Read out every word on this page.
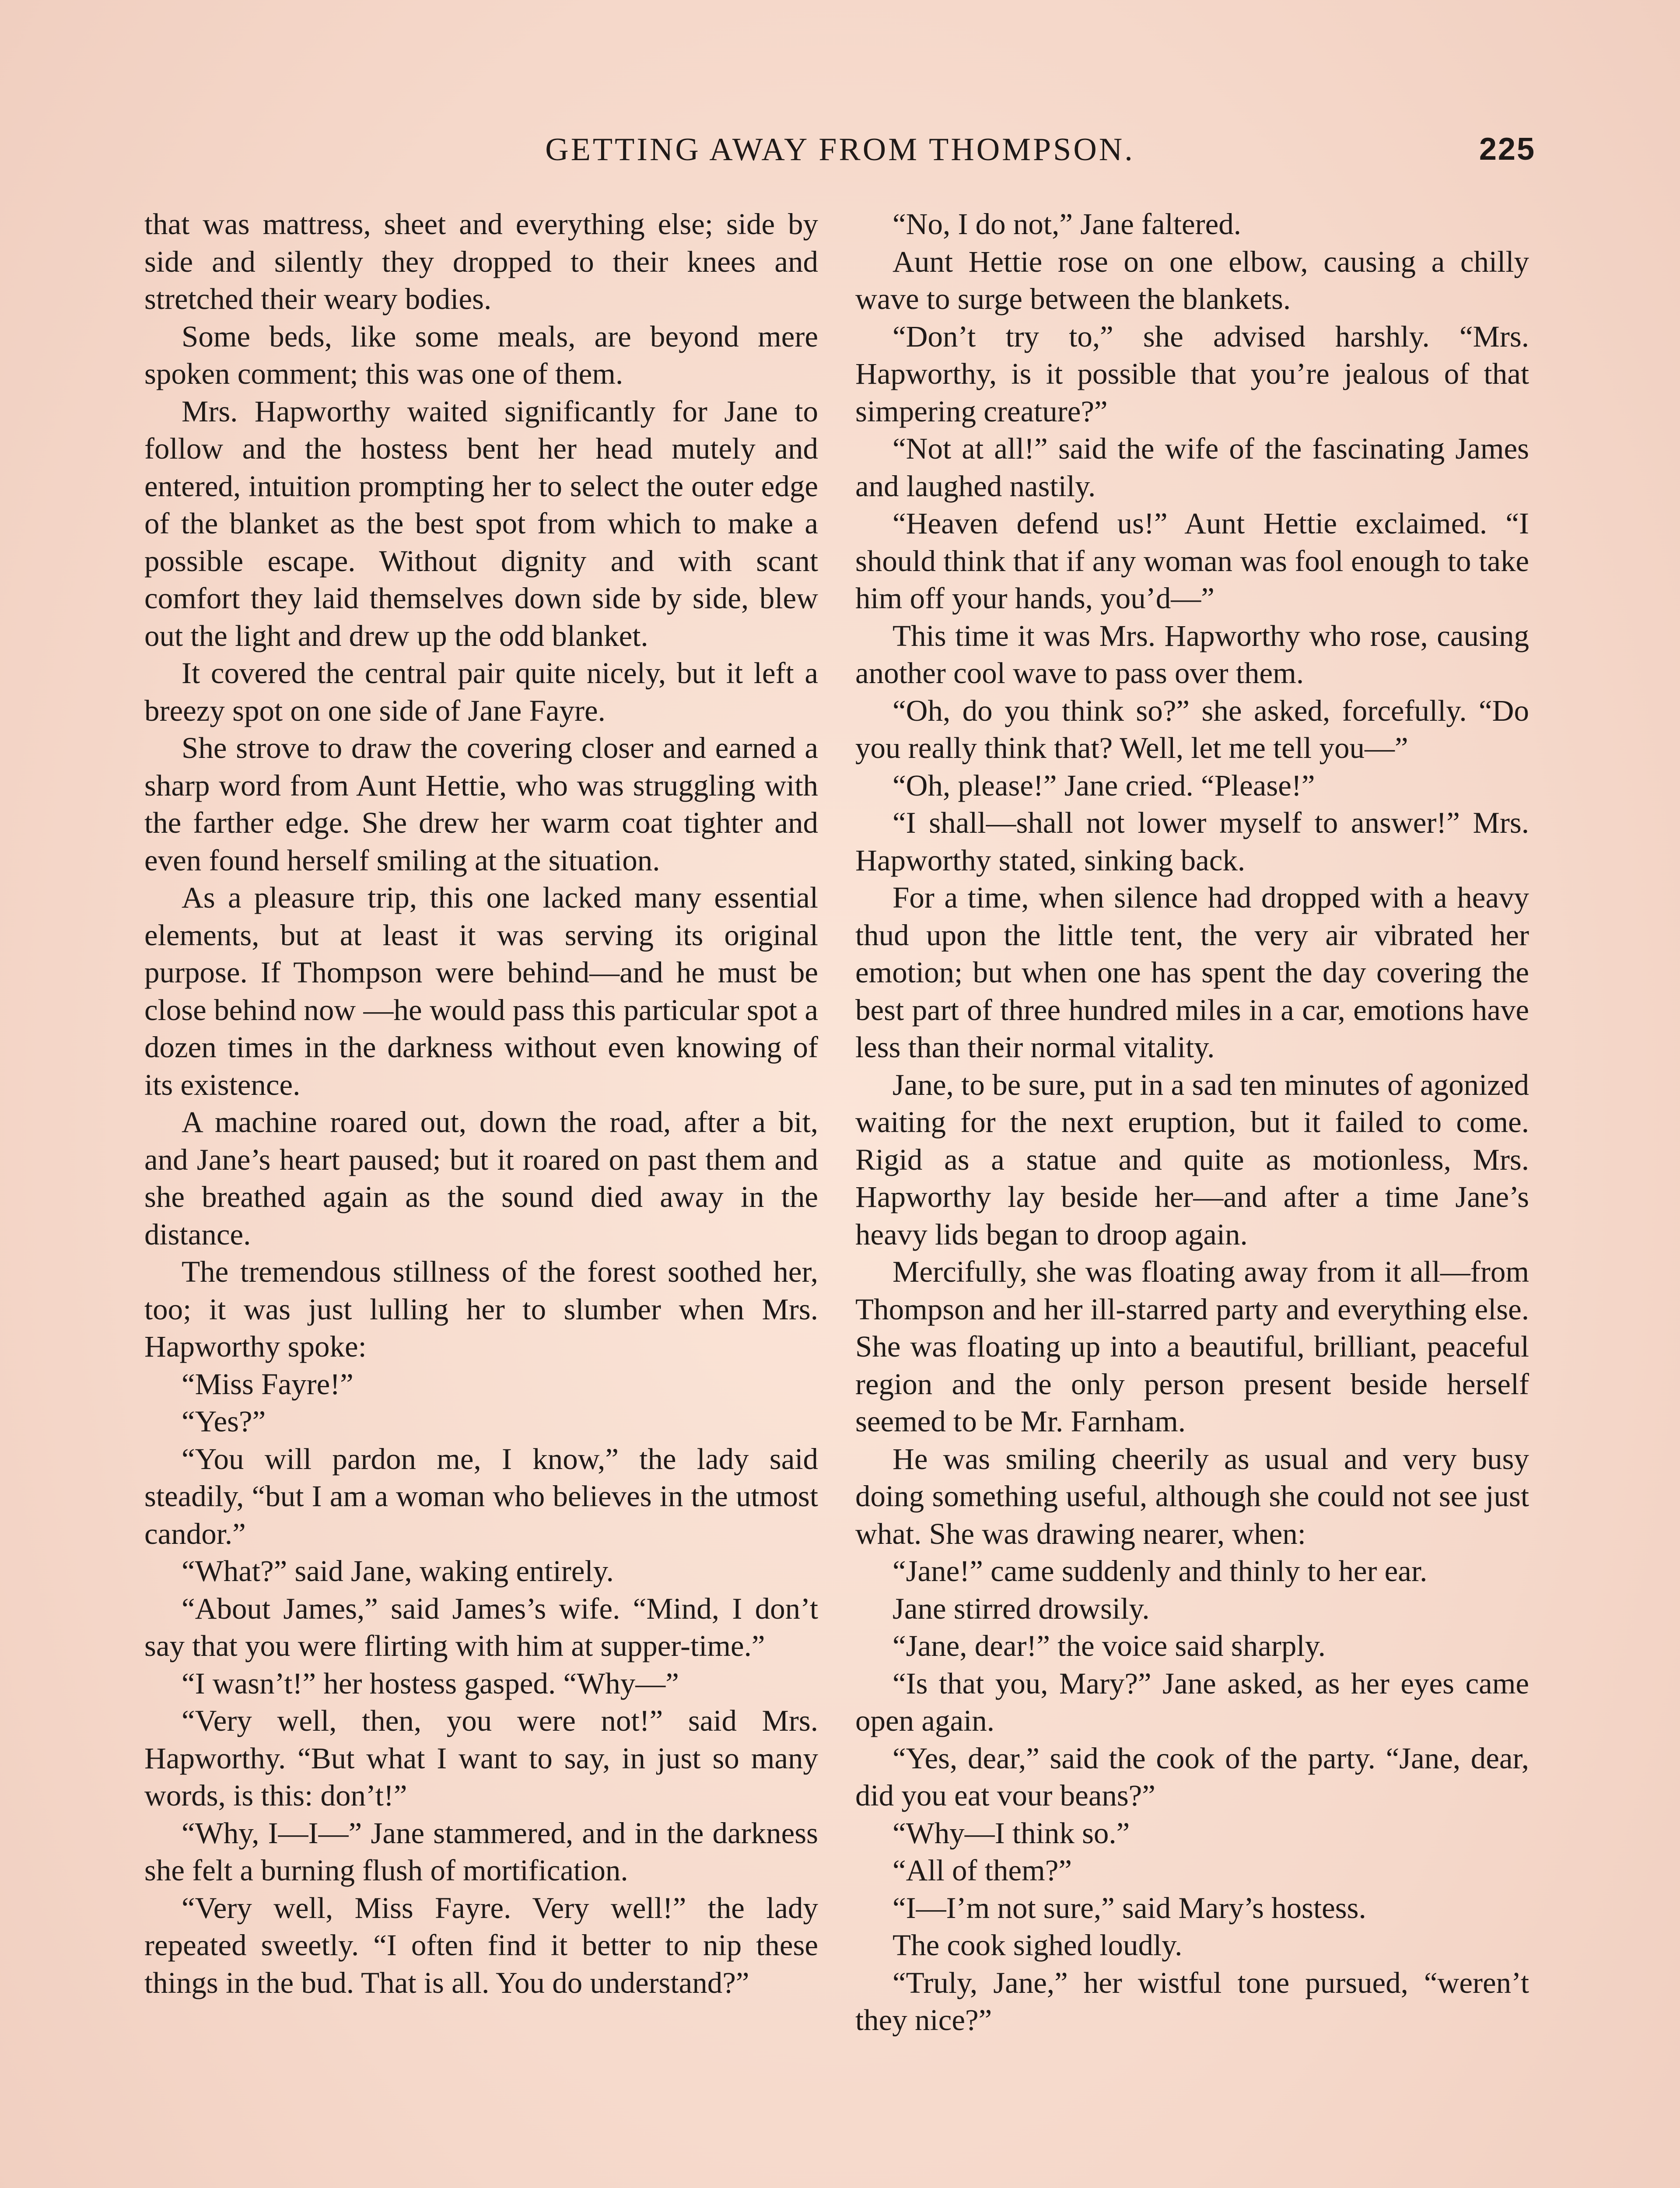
GETTING AWAY FROM THOMPSON.	225

that was mattress, sheet and everything else; side by side and silently they dropped to their knees and stretched their weary bodies.

Some beds, like some meals, are beyond mere spoken comment; this was one of them.

Mrs. Hapworthy waited significantly for Jane to follow and the hostess bent her head mutely and entered, intuition prompting her to select the outer edge of the blanket as the best spot from which to make a possible escape. Without dignity and with scant comfort they laid themselves down side by side, blew out the light and drew up the odd blanket.

It covered the central pair quite nicely, but it left a breezy spot on one side of Jane Fayre.

She strove to draw the covering closer and earned a sharp word from Aunt Hettie, who was struggling with the farther edge. She drew her warm coat tighter and even found herself smiling at the situation.

As a pleasure trip, this one lacked many essential elements, but at least it was serving its original purpose. If Thompson were behind—and he must be close behind now —he would pass this particular spot a dozen times in the darkness without even knowing of its existence.

A machine roared out, down the road, after a bit, and Jane’s heart paused; but it roared on past them and she breathed again as the sound died away in the distance.

The tremendous stillness of the forest soothed her, too; it was just lulling her to slumber when Mrs. Hapworthy spoke:

“Miss Fayre!”

“Yes?”

“You will pardon me, I know,” the lady said steadily, “but I am a woman who believes in the utmost candor.”

“What?” said Jane, waking entirely.

“About James,” said James’s wife. “Mind, I don’t say that you were flirting with him at supper-time.”

“I wasn’t!” her hostess gasped. “Why—”

“Very well, then, you were not!” said Mrs. Hapworthy. “But what I want to say, in just so many words, is this: don’t!”

“Why, I—I—” Jane stammered, and in the darkness she felt a burning flush of mortification.

“Very well, Miss Fayre. Very well!” the lady repeated sweetly. “I often find it better to nip these things in the bud. That is all. You do understand?”

“No, I do not,” Jane faltered.

Aunt Hettie rose on one elbow, causing a chilly wave to surge between the blankets.

“Don’t try to,” she advised harshly. “Mrs. Hapworthy, is it possible that you’re jealous of that simpering creature?”

“Not at all!” said the wife of the fascinating James and laughed nastily.

“Heaven defend us!” Aunt Hettie exclaimed. “I should think that if any woman was fool enough to take him off your hands, you’d—”

This time it was Mrs. Hapworthy who rose, causing another cool wave to pass over them.

“Oh, do you think so?” she asked, forcefully. “Do you really think that? Well, let me tell you—”

“Oh, please!” Jane cried. “Please!”

“I shall—shall not lower myself to answer!” Mrs. Hapworthy stated, sinking back.

For a time, when silence had dropped with a heavy thud upon the little tent, the very air vibrated her emotion; but when one has spent the day covering the best part of three hundred miles in a car, emotions have less than their normal vitality.

Jane, to be sure, put in a sad ten minutes of agonized waiting for the next eruption, but it failed to come. Rigid as a statue and quite as motionless, Mrs. Hapworthy lay beside her—and after a time Jane’s heavy lids began to droop again.

Mercifully, she was floating away from it all—from Thompson and her ill-starred party and everything else. She was floating up into a beautiful, brilliant, peaceful region and the only person present beside herself seemed to be Mr. Farnham.

He was smiling cheerily as usual and very busy doing something useful, although she could not see just what. She was drawing nearer, when:

“Jane!” came suddenly and thinly to her ear.

Jane stirred drowsily.

“Jane, dear!” the voice said sharply.

“Is that you, Mary?” Jane asked, as her eyes came open again.

“Yes, dear,” said the cook of the party. “Jane, dear, did you eat vour beans?”

“Why—I think so.”

“All of them?”

“I—I’m not sure,” said Mary’s hostess.

The cook sighed loudly.

“Truly, Jane,” her wistful tone pursued, “weren’t they nice?”
